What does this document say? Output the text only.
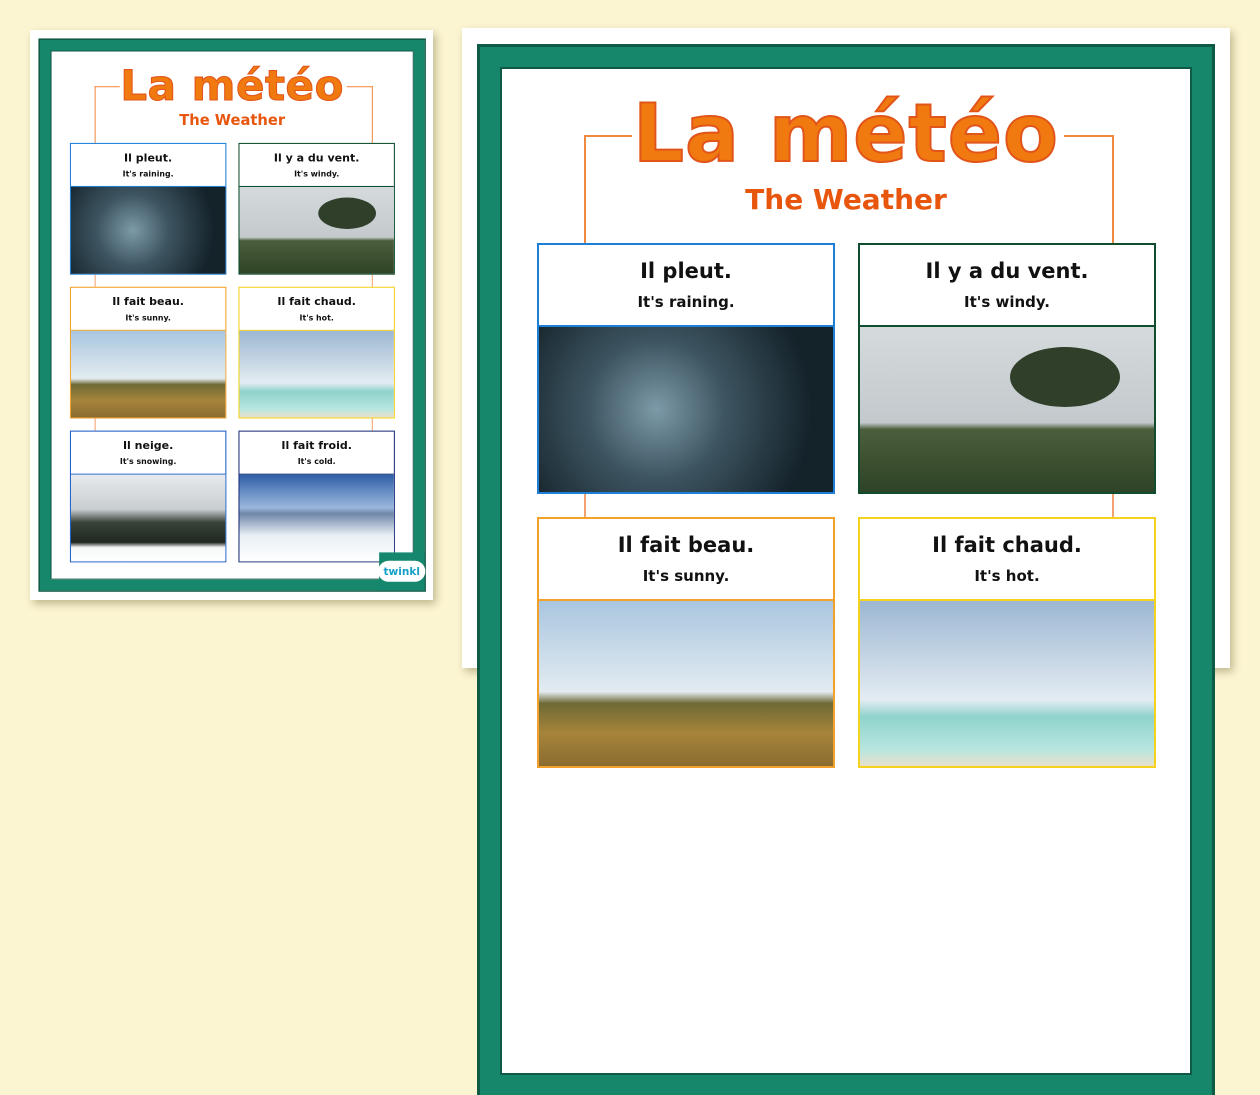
La météo
The Weather
Il pleut.
It's raining.
Il y a du vent.
It's windy.
Il fait beau.
It's sunny.
Il fait chaud.
It's hot.
Il neige.
It's snowing.
Il fait froid.
It's cold.
twinkl
La météo
The Weather
Il pleut.
It's raining.
Il y a du vent.
It's windy.
Il fait beau.
It's sunny.
Il fait chaud.
It's hot.
